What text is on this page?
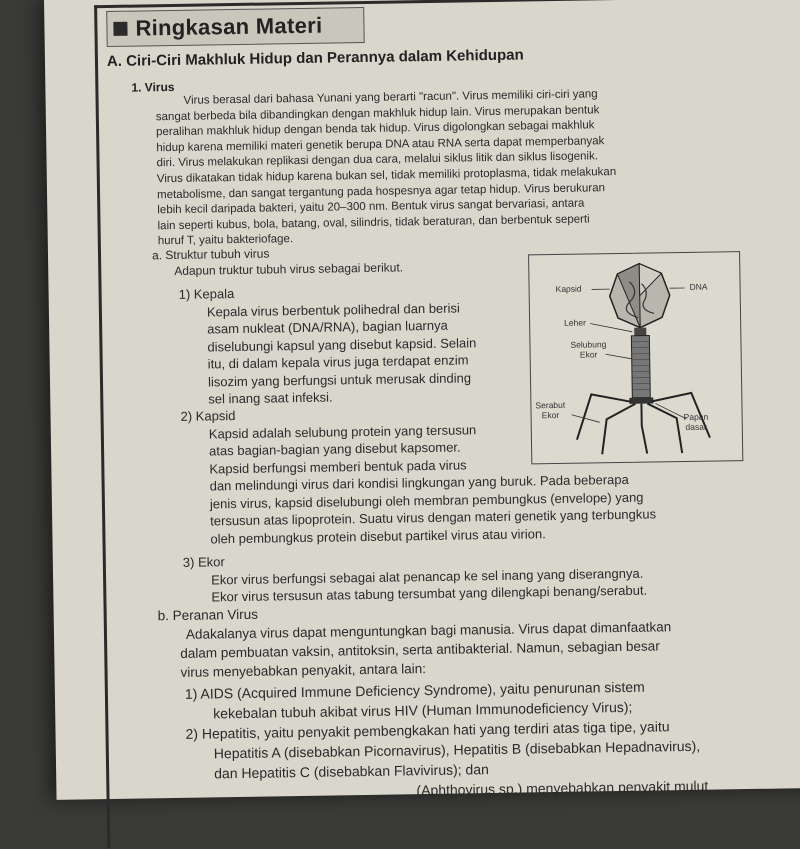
Ringkasan Materi
A. Ciri-Ciri Makhluk Hidup dan Perannya dalam Kehidupan
1. Virus
Virus berasal dari bahasa Yunani yang berarti "racun". Virus memiliki ciri-ciri yang
sangat berbeda bila dibandingkan dengan makhluk hidup lain. Virus merupakan bentuk
peralihan makhluk hidup dengan benda tak hidup. Virus digolongkan sebagai makhluk
hidup karena memiliki materi genetik berupa DNA atau RNA serta dapat memperbanyak
diri. Virus melakukan replikasi dengan dua cara, melalui siklus litik dan siklus lisogenik.
Virus dikatakan tidak hidup karena bukan sel, tidak memiliki protoplasma, tidak melakukan
metabolisme, dan sangat tergantung pada hospesnya agar tetap hidup. Virus berukuran
lebih kecil daripada bakteri, yaitu 20–300 nm. Bentuk virus sangat bervariasi, antara
lain seperti kubus, bola, batang, oval, silindris, tidak beraturan, dan berbentuk seperti
huruf T, yaitu bakteriofage.
a. Struktur tubuh virus
Adapun truktur tubuh virus sebagai berikut.
1) Kepala
Kepala virus berbentuk polihedral dan berisi
asam nukleat (DNA/RNA), bagian luarnya
diselubungi kapsul yang disebut kapsid. Selain
itu, di dalam kepala virus juga terdapat enzim
lisozim yang berfungsi untuk merusak dinding
sel inang saat infeksi.
2) Kapsid
Kapsid adalah selubung protein yang tersusun
atas bagian-bagian yang disebut kapsomer.
Kapsid berfungsi memberi bentuk pada virus
dan melindungi virus dari kondisi lingkungan yang buruk. Pada beberapa
jenis virus, kapsid diselubungi oleh membran pembungkus (envelope) yang
tersusun atas lipoprotein. Suatu virus dengan materi genetik yang terbungkus
oleh pembungkus protein disebut partikel virus atau virion.
3) Ekor
Ekor virus berfungsi sebagai alat penancap ke sel inang yang diserangnya.
Ekor virus tersusun atas tabung tersumbat yang dilengkapi benang/serabut.
b. Peranan Virus
Adakalanya virus dapat menguntungkan bagi manusia. Virus dapat dimanfaatkan
dalam pembuatan vaksin, antitoksin, serta antibakterial. Namun, sebagian besar
virus menyebabkan penyakit, antara lain:
1) AIDS (Acquired Immune Deficiency Syndrome), yaitu penurunan sistem
kekebalan tubuh akibat virus HIV (Human Immunodeficiency Virus);
2) Hepatitis, yaitu penyakit pembengkakan hati yang terdiri atas tiga tipe, yaitu
Hepatitis A (disebabkan Picornavirus), Hepatitis B (disebabkan Hepadnavirus),
dan Hepatitis C (disebabkan Flavivirus); dan
(Aphthovirus sp.) menyebabkan penyakit mulut
Kapsid	DNA
Leher
Selubung
Ekor
Serabut
Ekor	Papan
dasar
